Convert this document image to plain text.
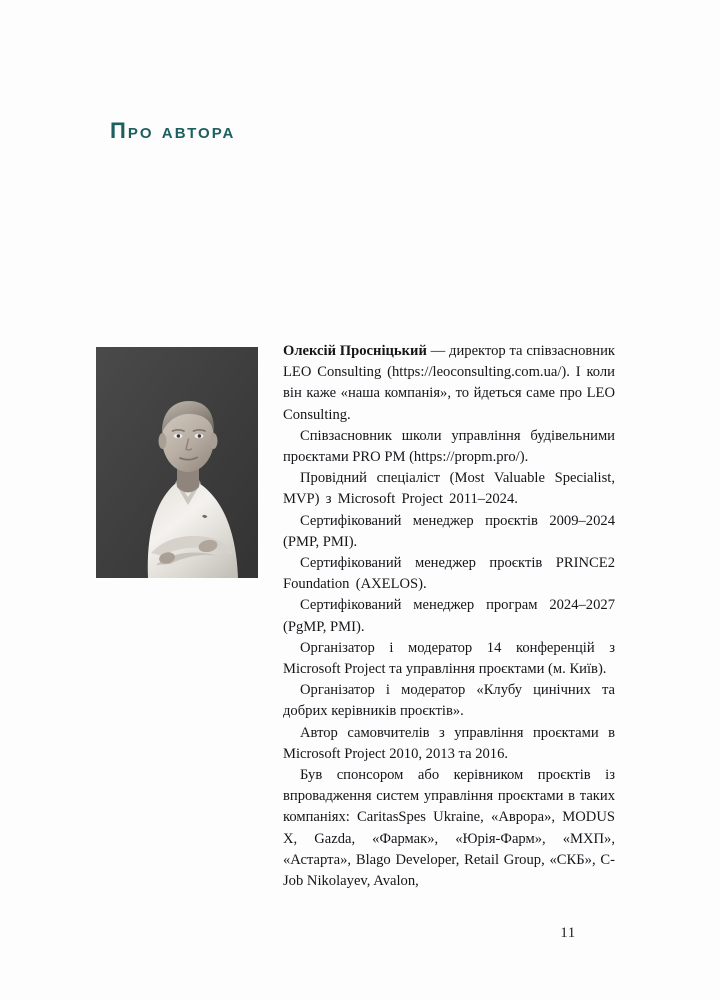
Про автора

Олексій Просніцький — директор та співзасновник LEO Consulting (https://leoconsulting.com.ua/). І коли він каже «наша компанія», то йдеться саме про LEO Consulting.

Співзасновник школи управління будівельними проєктами PRO PM (https://propm.pro/).

Провідний спеціаліст (Most Valuable Specialist, MVP) з Microsoft Project 2011–2024.

Сертифікований менеджер проєктів 2009–2024 (PMP, PMI).

Сертифікований менеджер проєктів PRINCE2 Foundation (AXELOS).

Сертифікований менеджер програм 2024–2027 (PgMP, PMI).

Організатор і модератор 14 конференцій з Microsoft Project та управління проєктами (м. Київ).

Організатор і модератор «Клубу цинічних та добрих керівників проєктів».

Автор самовчителів з управління проєктами в Microsoft Project 2010, 2013 та 2016.

Був спонсором або керівником проєктів із впровадження систем управління проєктами в таких компаніях: CaritasSpes Ukraine, «Аврора», MODUS X, Gazda, «Фармак», «Юрія-Фарм», «МХП», «Астарта», Blago Developer, Retail Group, «СКБ», C-Job Nikolayev, Avalon,

11
